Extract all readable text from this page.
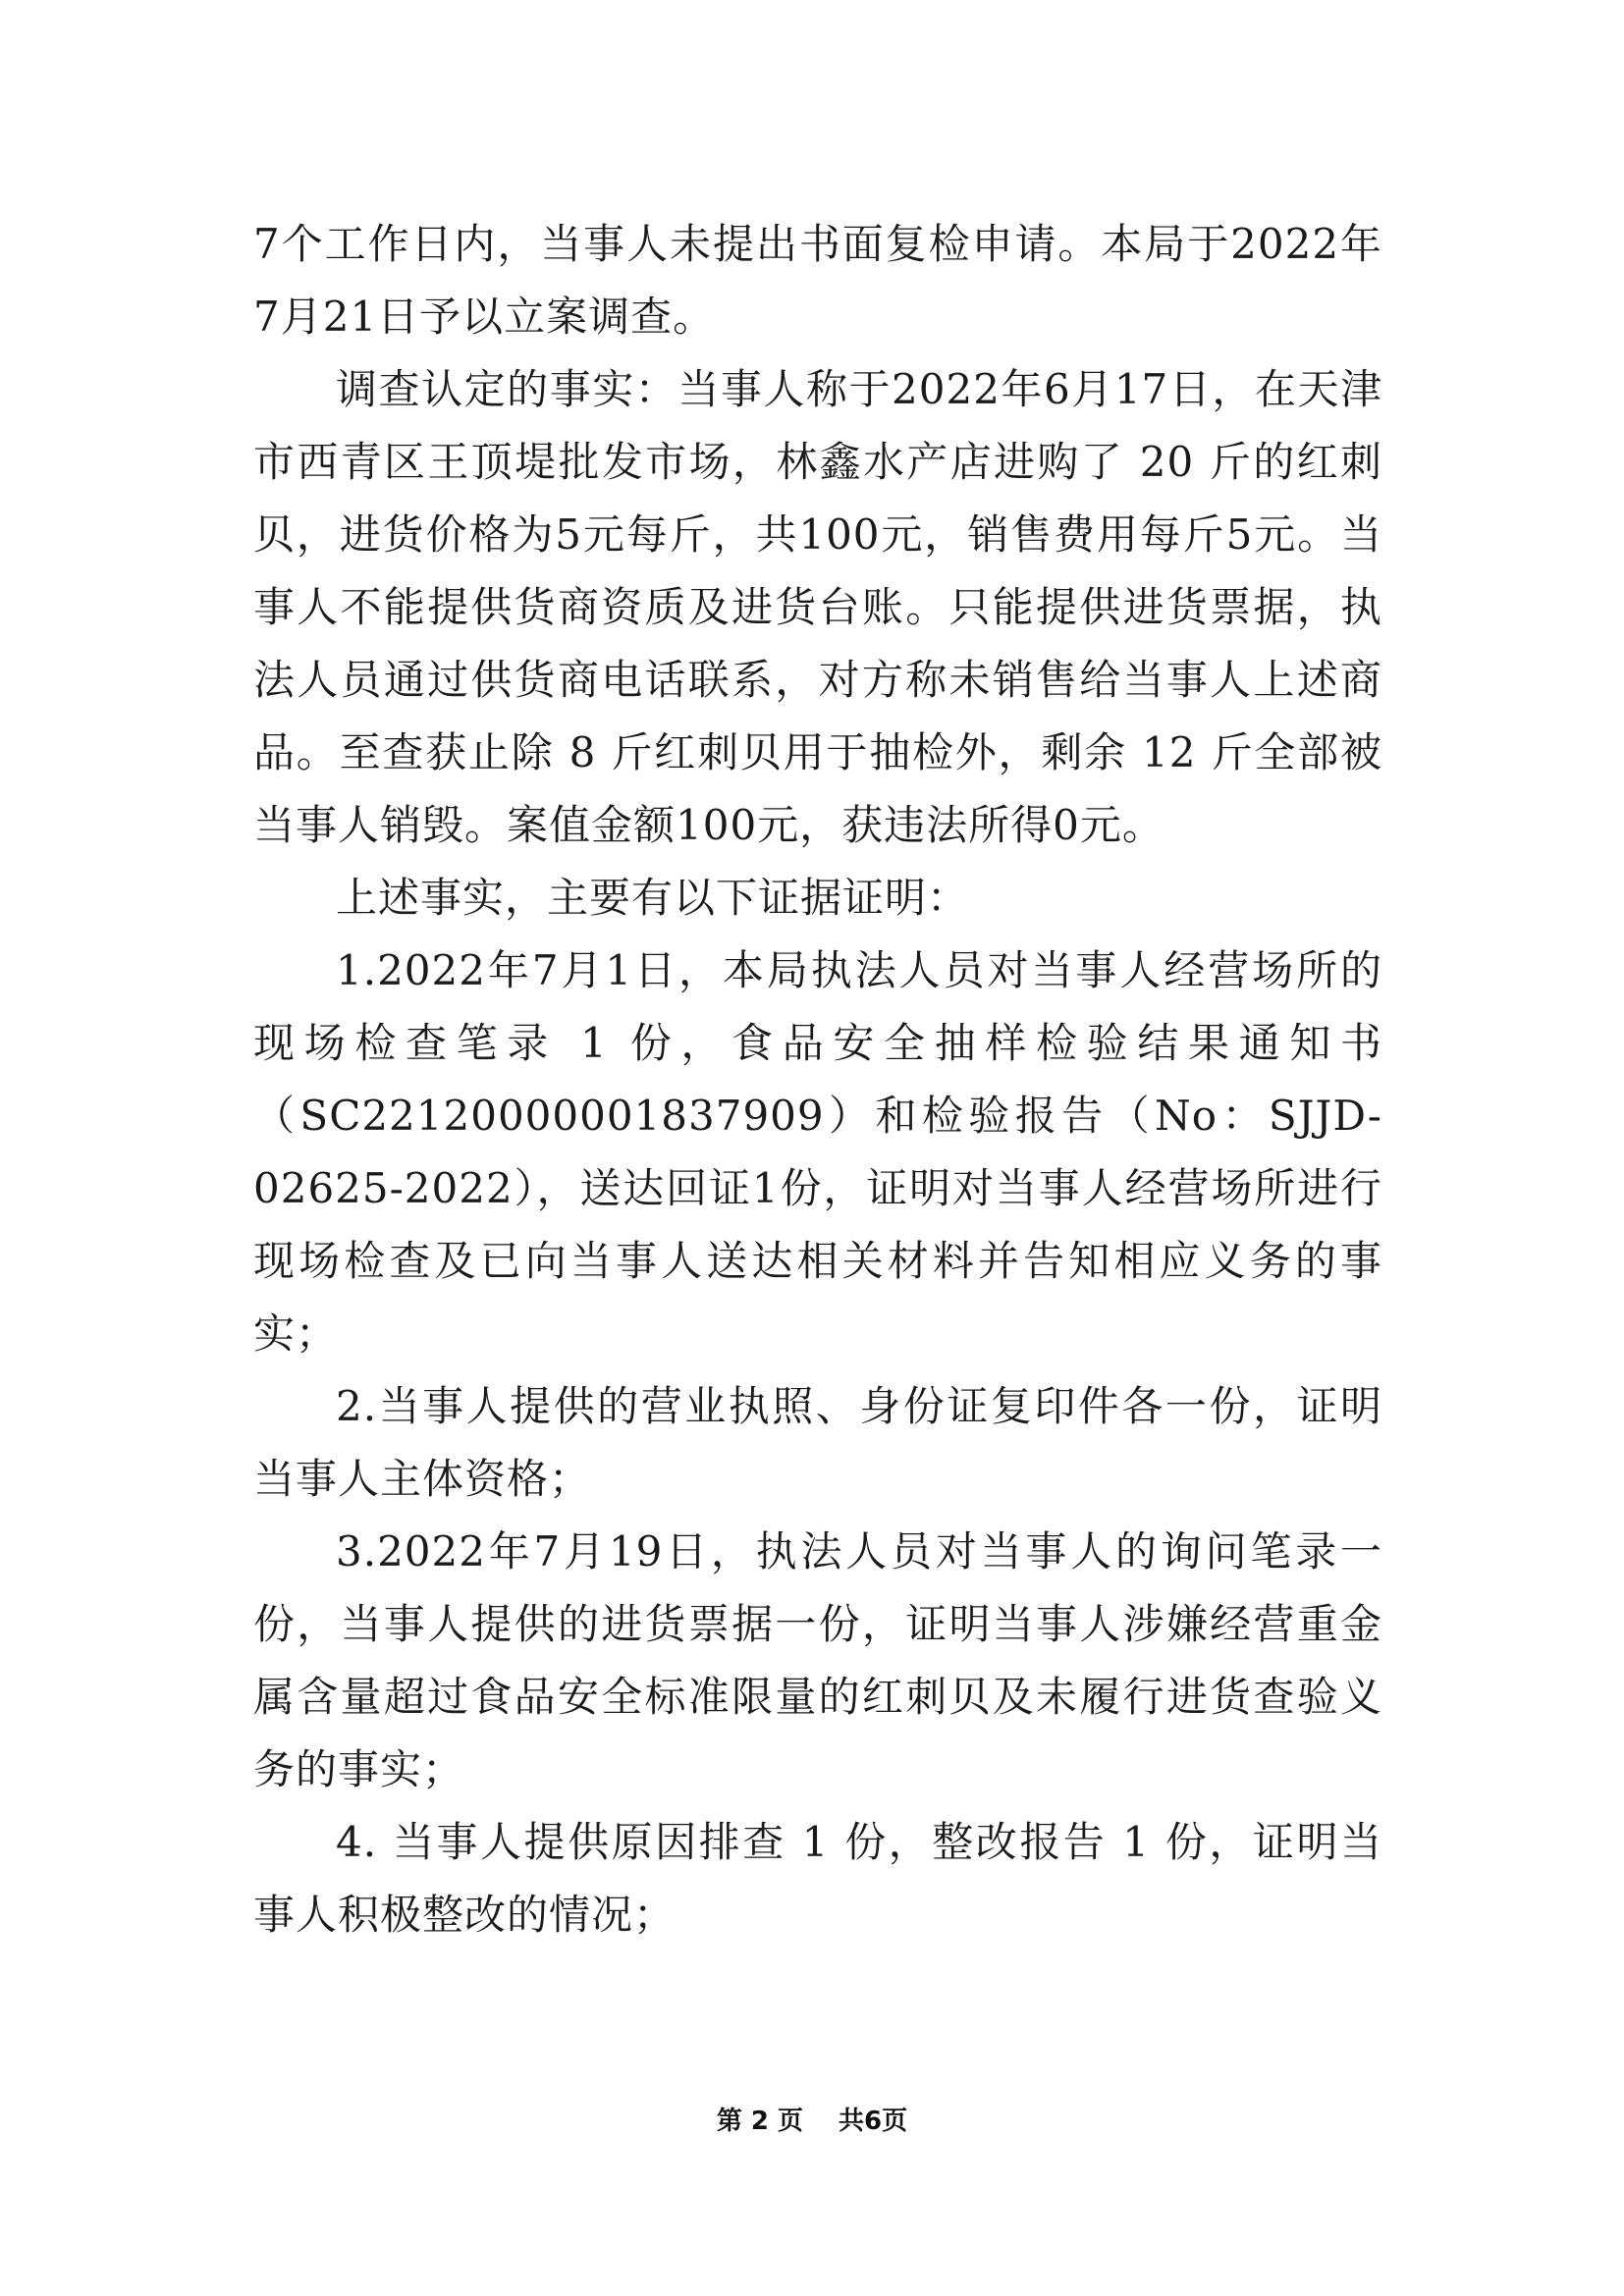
7个工作日内，当事人未提出书面复检申请。本局于2022年7月21日予以立案调查。

调查认定的事实：当事人称于2022年6月17日，在天津市西青区王顶堤批发市场，林鑫水产店进购了 20 斤的红刺贝，进货价格为5元每斤，共100元，销售费用每斤5元。当事人不能提供货商资质及进货台账。只能提供进货票据，执法人员通过供货商电话联系，对方称未销售给当事人上述商品。至查获止除 8 斤红刺贝用于抽检外，剩余 12 斤全部被当事人销毁。案值金额100元，获违法所得0元。

上述事实，主要有以下证据证明：

1.2022年7月1日，本局执法人员对当事人经营场所的现场检查笔录 1 份，食品安全抽样检验结果通知书（SC22120000001837909）和检验报告（No：SJJD-02625-2022），送达回证1份，证明对当事人经营场所进行现场检查及已向当事人送达相关材料并告知相应义务的事实；

2.当事人提供的营业执照、身份证复印件各一份，证明当事人主体资格；

3.2022年7月19日，执法人员对当事人的询问笔录一份，当事人提供的进货票据一份，证明当事人涉嫌经营重金属含量超过食品安全标准限量的红刺贝及未履行进货查验义务的事实；

4. 当事人提供原因排查 1 份，整改报告 1 份，证明当事人积极整改的情况；

第 2 页 共6页
